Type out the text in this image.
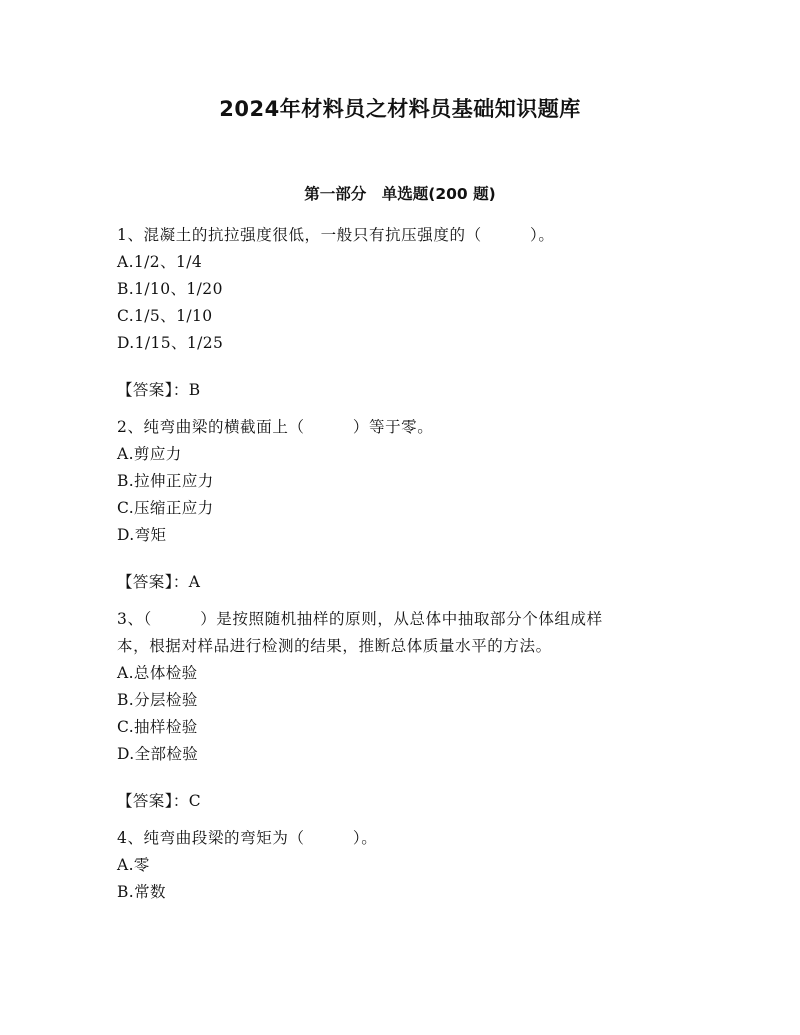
2024年材料员之材料员基础知识题库
第一部分　单选题(200 题)

1、混凝土的抗拉强度很低，一般只有抗压强度的（　　　）。

A.1/2、1/4

B.1/10、1/20

C.1/5、1/10

D.1/15、1/25

【答案】：B

2、纯弯曲梁的横截面上（　　　）等于零。

A.剪应力

B.拉伸正应力

C.压缩正应力

D.弯矩

【答案】：A

3、（　　　）是按照随机抽样的原则，从总体中抽取部分个体组成样

本，根据对样品进行检测的结果，推断总体质量水平的方法。

A.总体检验

B.分层检验

C.抽样检验

D.全部检验

【答案】：C

4、纯弯曲段梁的弯矩为（　　　）。

A.零

B.常数
